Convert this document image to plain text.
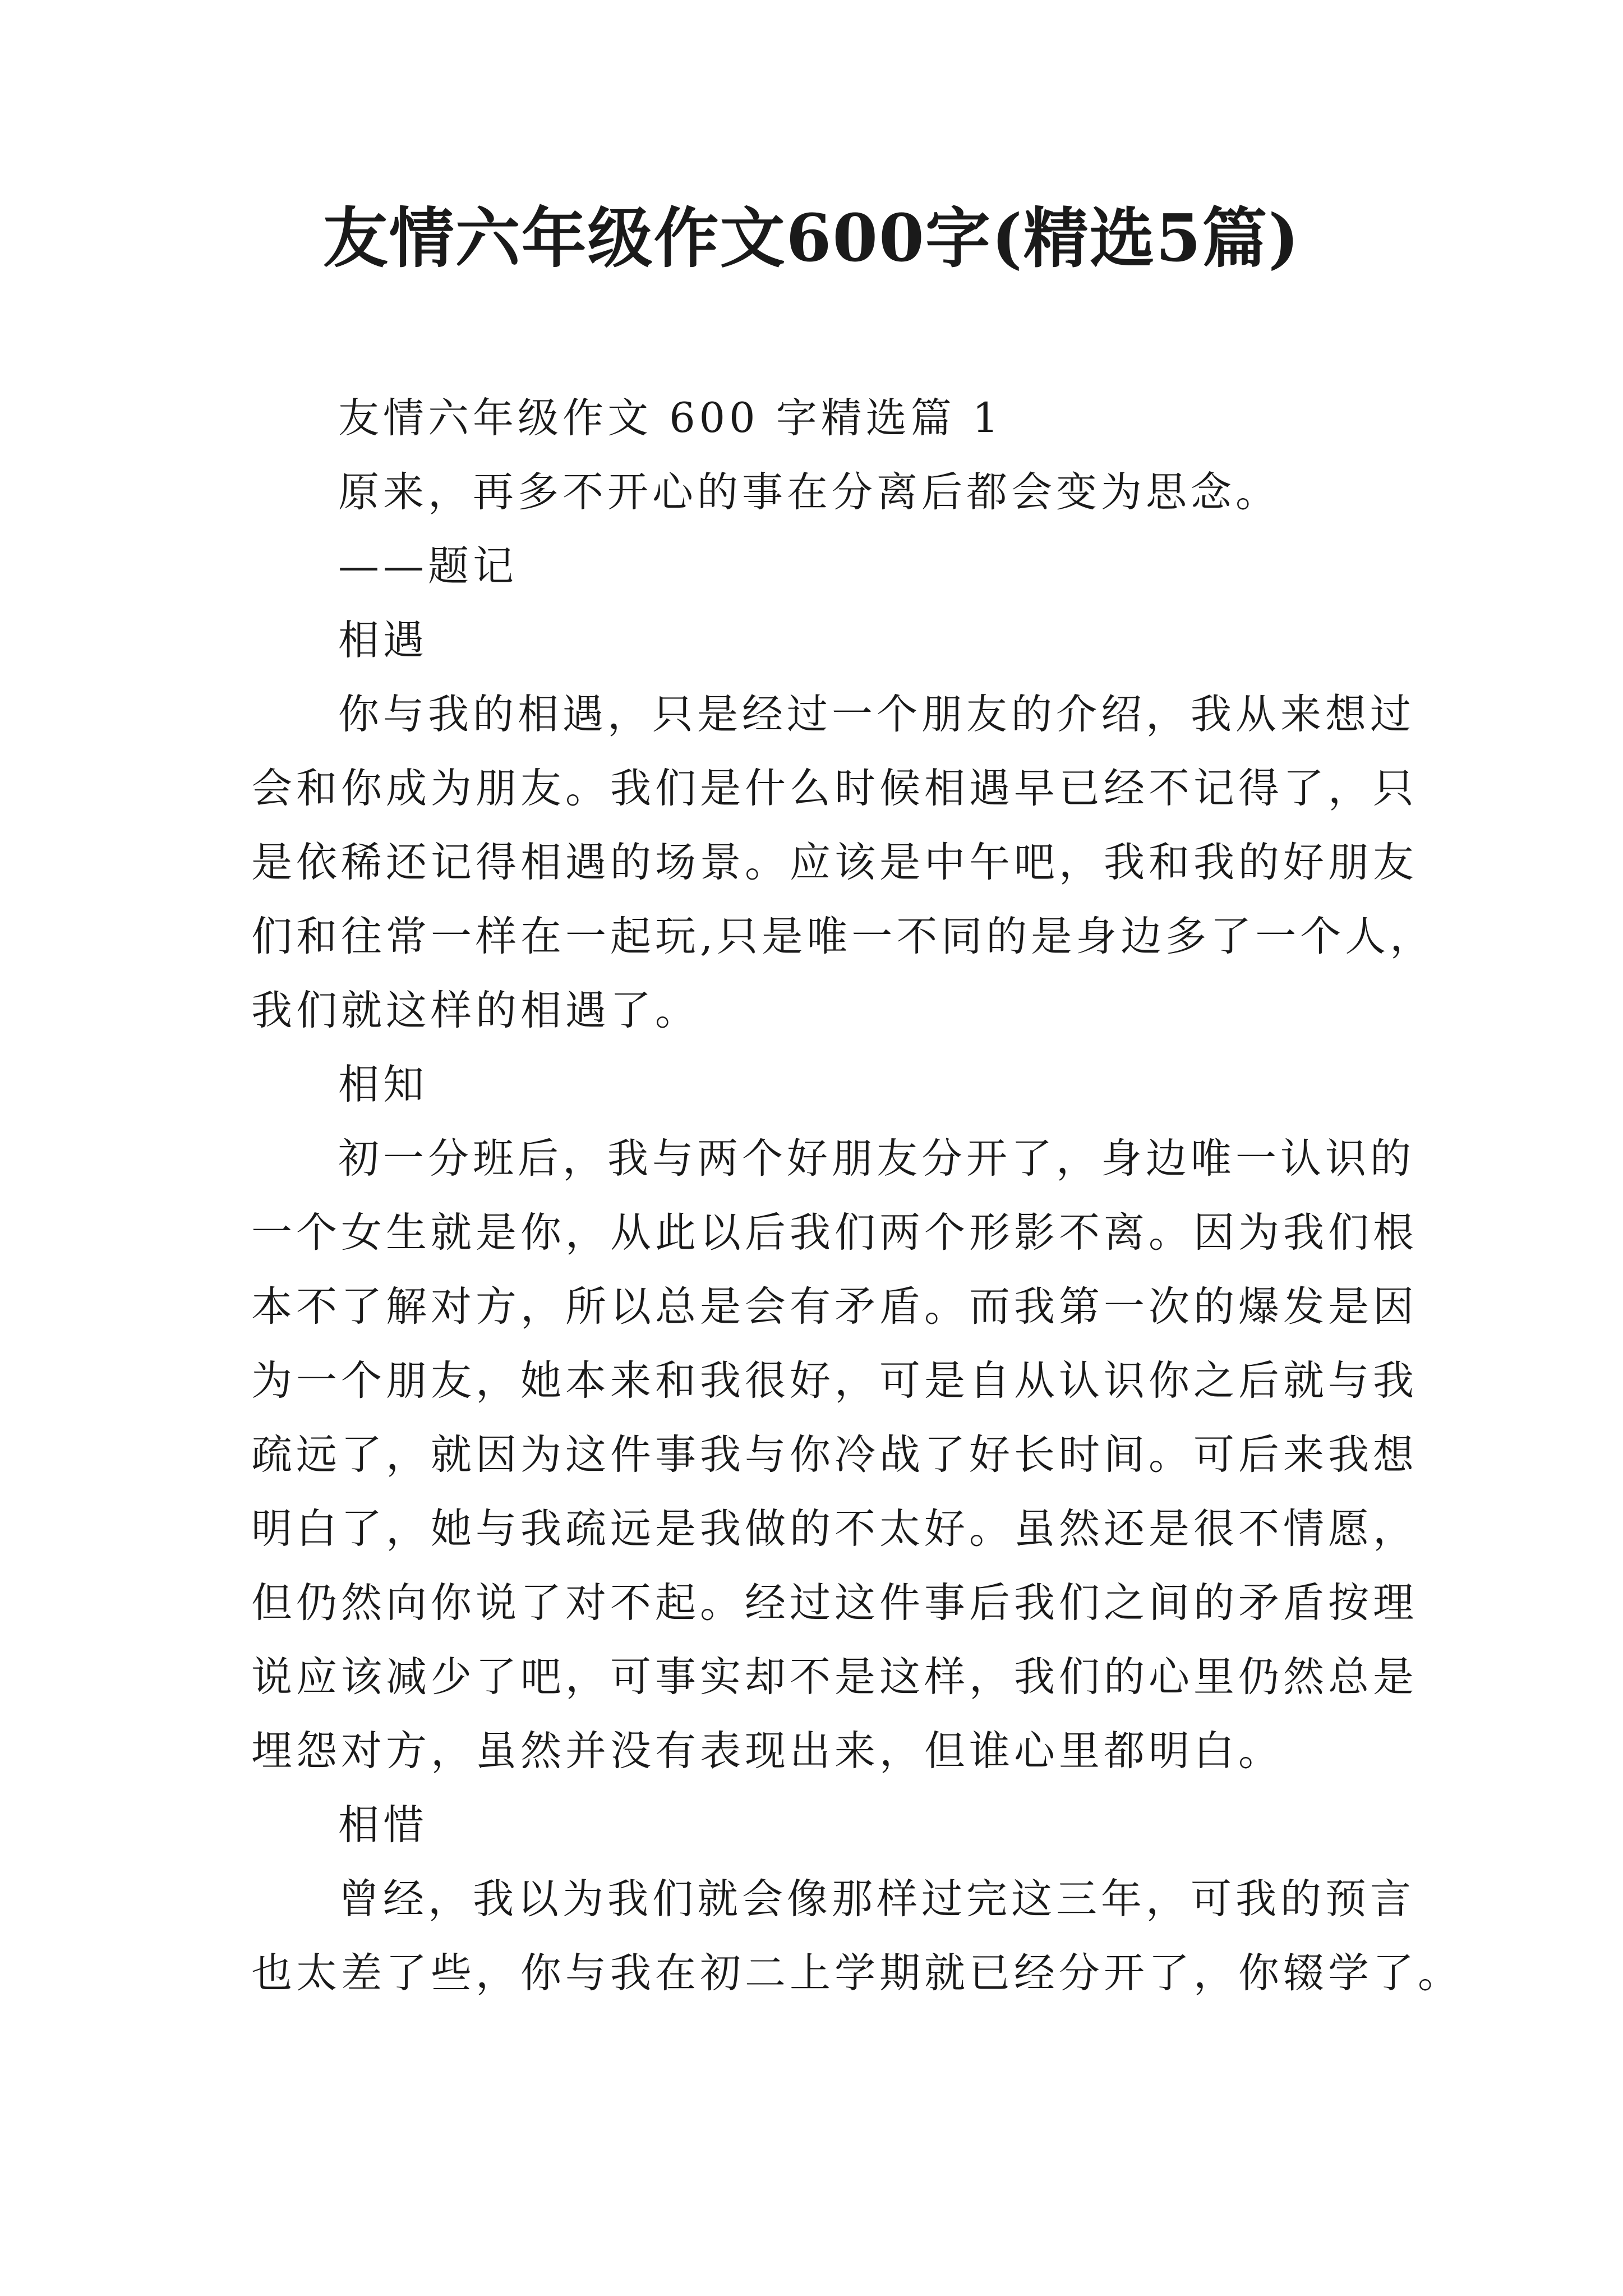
友情六年级作文600字(精选5篇)

友情六年级作文 600 字精选篇 1

原来，再多不开心的事在分离后都会变为思念。

——题记

相遇

你与我的相遇，只是经过一个朋友的介绍，我从来想过

会和你成为朋友。我们是什么时候相遇早已经不记得了，只

是依稀还记得相遇的场景。应该是中午吧，我和我的好朋友

们和往常一样在一起玩,只是唯一不同的是身边多了一个人，

我们就这样的相遇了。

相知

初一分班后，我与两个好朋友分开了，身边唯一认识的

一个女生就是你，从此以后我们两个形影不离。因为我们根

本不了解对方，所以总是会有矛盾。而我第一次的爆发是因

为一个朋友，她本来和我很好，可是自从认识你之后就与我

疏远了，就因为这件事我与你冷战了好长时间。可后来我想

明白了，她与我疏远是我做的不太好。虽然还是很不情愿，

但仍然向你说了对不起。经过这件事后我们之间的矛盾按理

说应该减少了吧，可事实却不是这样，我们的心里仍然总是

埋怨对方，虽然并没有表现出来，但谁心里都明白。

相惜

曾经，我以为我们就会像那样过完这三年，可我的预言

也太差了些，你与我在初二上学期就已经分开了，你辍学了。
